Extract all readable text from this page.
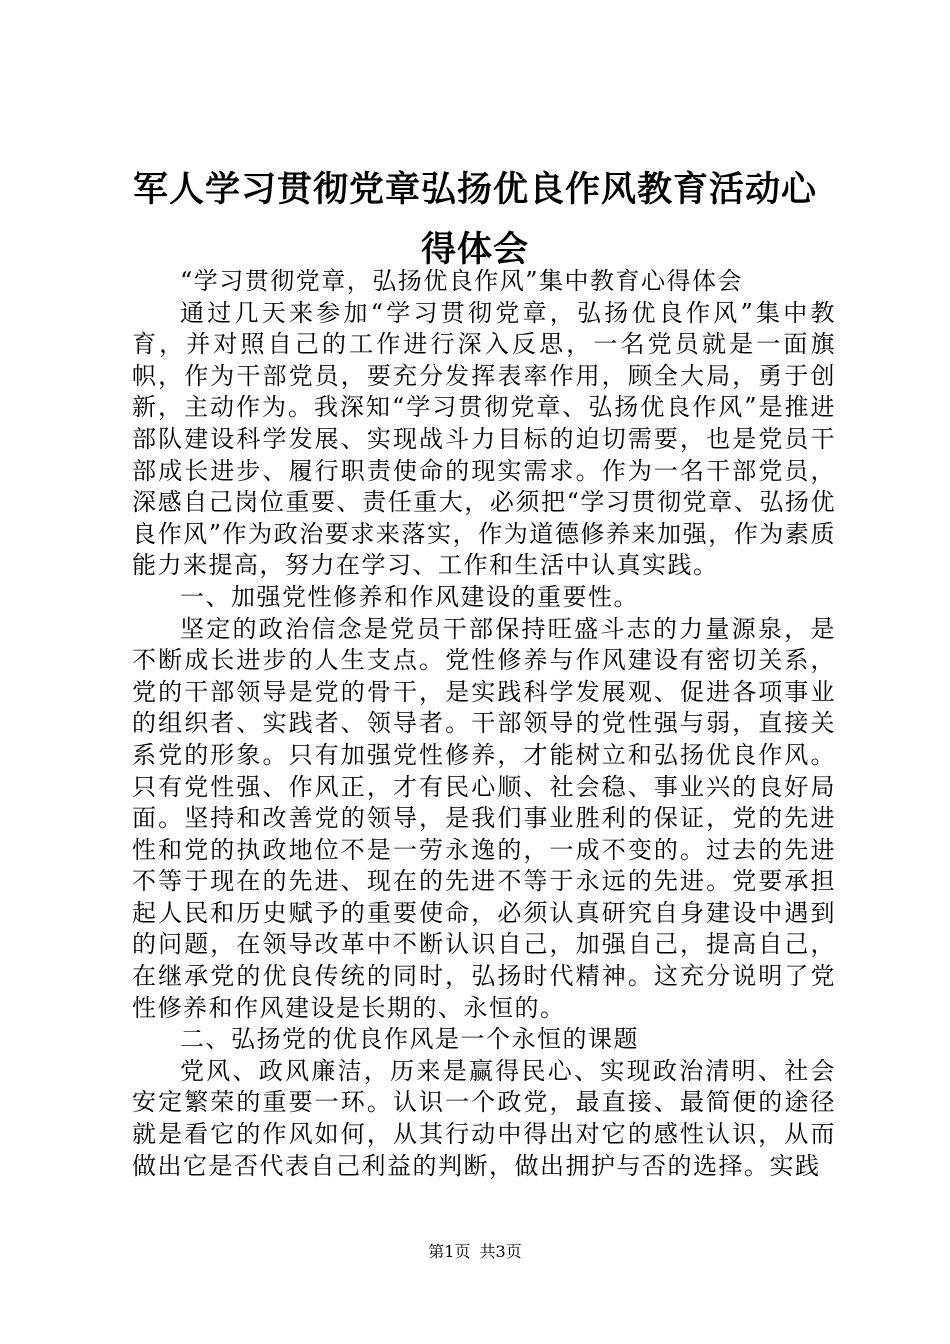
军人学习贯彻党章弘扬优良作风教育活动心得体会

“学习贯彻党章，弘扬优良作风”集中教育心得体会

通过几天来参加“学习贯彻党章，弘扬优良作风”集中教育，并对照自己的工作进行深入反思，一名党员就是一面旗帜，作为干部党员，要充分发挥表率作用，顾全大局，勇于创新，主动作为。我深知“学习贯彻党章、弘扬优良作风”是推进部队建设科学发展、实现战斗力目标的迫切需要，也是党员干部成长进步、履行职责使命的现实需求。作为一名干部党员，深感自己岗位重要、责任重大，必须把“学习贯彻党章、弘扬优良作风”作为政治要求来落实，作为道德修养来加强，作为素质能力来提高，努力在学习、工作和生活中认真实践。

一、加强党性修养和作风建设的重要性。

坚定的政治信念是党员干部保持旺盛斗志的力量源泉，是不断成长进步的人生支点。党性修养与作风建设有密切关系，党的干部领导是党的骨干，是实践科学发展观、促进各项事业的组织者、实践者、领导者。干部领导的党性强与弱，直接关系党的形象。只有加强党性修养，才能树立和弘扬优良作风。只有党性强、作风正，才有民心顺、社会稳、事业兴的良好局面。坚持和改善党的领导，是我们事业胜利的保证，党的先进性和党的执政地位不是一劳永逸的，一成不变的。过去的先进不等于现在的先进、现在的先进不等于永远的先进。党要承担起人民和历史赋予的重要使命，必须认真研究自身建设中遇到的问题，在领导改革中不断认识自己，加强自己，提高自己，在继承党的优良传统的同时，弘扬时代精神。这充分说明了党性修养和作风建设是长期的、永恒的。

二、弘扬党的优良作风是一个永恒的课题

党风、政风廉洁，历来是赢得民心、实现政治清明、社会安定繁荣的重要一环。认识一个政党，最直接、最简便的途径就是看它的作风如何，从其行动中得出对它的感性认识，从而做出它是否代表自己利益的判断，做出拥护与否的选择。实践

第1页 共3页
